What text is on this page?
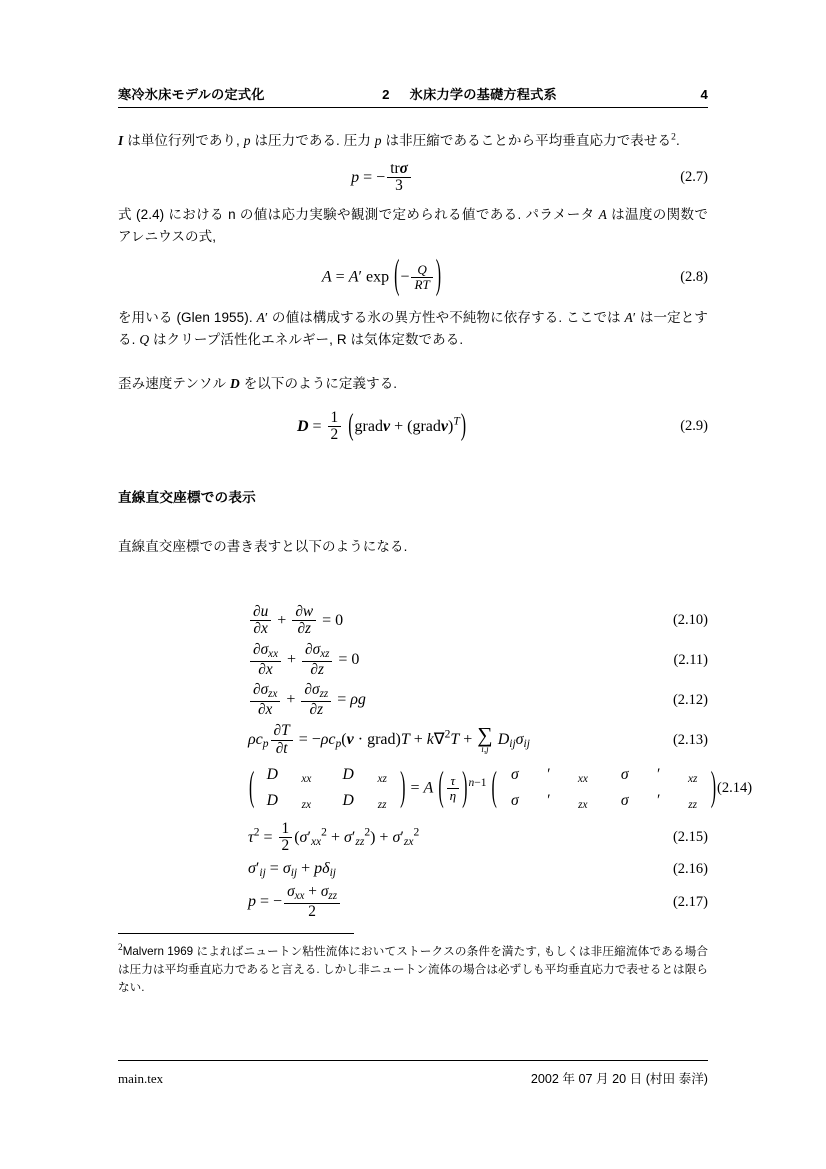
寒冷氷床モデルの定式化	2 氷床力学の基礎方程式系	4

I は単位行列であり, p は圧力である. 圧力 p は非圧縮であることから平均垂直応力で表せる$^2$.

p = − $\frac{\text{trσ}}{3}$	(2.7)

式 (2.4) における n の値は応力実験や観測で定められる値である. パラメータ A は温度の関数でアレニウスの式,

A = A′ exp (− $\frac{Q}{RT}$ )	(2.8)

を用いる (Glen 1955). A′ の値は構成する氷の異方性や不純物に依存する. ここでは A′ は一定とする. Q はクリープ活性化エネルギー, R は気体定数である.

歪み速度テンソル D を以下のように定義する.

$D = \frac{1}{2}$ (gradv + (gradv)$^T$)	(2.9)
直線直交座標での表示

直線直交座標での書き表すと以下のようになる.

$\frac{\partial u}{\partial x} + \frac{\partial w}{\partial z} = 0$	(2.10)
$\frac{\partial\sigma_{xx}}{\partial x} + \frac{\partial\sigma_{xz}}{\partial z} = 0$	(2.11)
$\frac{\partial\sigma_{zx}}{\partial x} + \frac{\partial\sigma_{zz}}{\partial z} = \rho g$	(2.12)
$\rho c_p \frac{\partial T}{\partial t} = -\rho c_p(v$ · grad)T + k∇$^2$T + ∑
i,j
$D_{ij}\sigma_{ij}$	(2.13)
( D xx D xz
D zx D zz ) = A ( $\frac{\tau}{\eta} )^{n-1}$ ( σ ′ xx σ ′ xz
σ ′ zx σ ′ zz ) (2.14)
$\tau^2 = \frac{1}{2} (\sigma'_{xx}^2 + \sigma'_{zz}^2) + \sigma'_{zx}^2$	(2.15)
$\sigma'_{ij} = \sigma_{ij} + p\delta_{ij}$	(2.16)
p = − $\frac{\sigma_{xx} + \sigma_{zz}}{2}$	(2.17)

$^2$Malvern 1969 によればニュートン粘性流体においてストークスの条件を満たす, もしくは非圧縮流体である場合は圧力は平均垂直応力であると言える. しかし非ニュートン流体の場合は必ずしも平均垂直応力で表せるとは限らない.

main.tex	2002 年 07 月 20 日 (村田 泰洋)
